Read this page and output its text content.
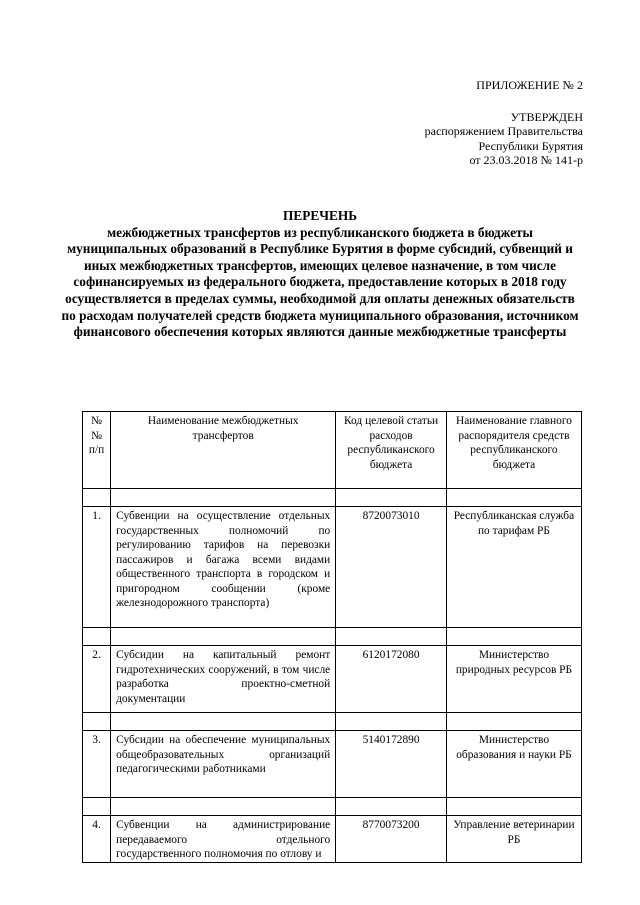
ПРИЛОЖЕНИЕ № 2
УТВЕРЖДЕН
распоряжением Правительства
Республики Бурятия
от 23.03.2018 № 141-р
ПЕРЕЧЕНЬ
межбюджетных трансфертов из республиканского бюджета в бюджеты муниципальных образований в Республике Бурятия в форме субсидий, субвенций и иных межбюджетных трансфертов, имеющих целевое назначение, в том числе софинансируемых из федерального бюджета, предоставление которых в 2018 году осуществляется в пределах суммы, необходимой для оплаты денежных обязательств по расходам получателей средств бюджета муниципального образования, источником финансового обеспечения которых являются данные межбюджетные трансферты
№№ п/п	Наименование межбюджетных трансфертов	Код целевой статьи расходов республиканского бюджета	Наименование главного распорядителя средств республиканского бюджета

1.	Субвенции на осуществление отдельных государственных полномочий по регулированию тарифов на перевозки пассажиров и багажа всеми видами общественного транспорта в городском и пригородном сообщении (кроме железнодорожного транспорта)	8720073010	Республиканская служба по тарифам РБ

2.	Субсидии на капитальный ремонт гидротехнических сооружений, в том числе разработка проектно-сметной документации	6120172080	Министерство природных ресурсов РБ

3.	Субсидии на обеспечение муниципальных общеобразовательных организаций педагогическими работниками	5140172890	Министерство образования и науки РБ

4.	Субвенции на администрирование передаваемого отдельного государственного полномочия по отлову и	8770073200	Управление ветеринарии РБ
